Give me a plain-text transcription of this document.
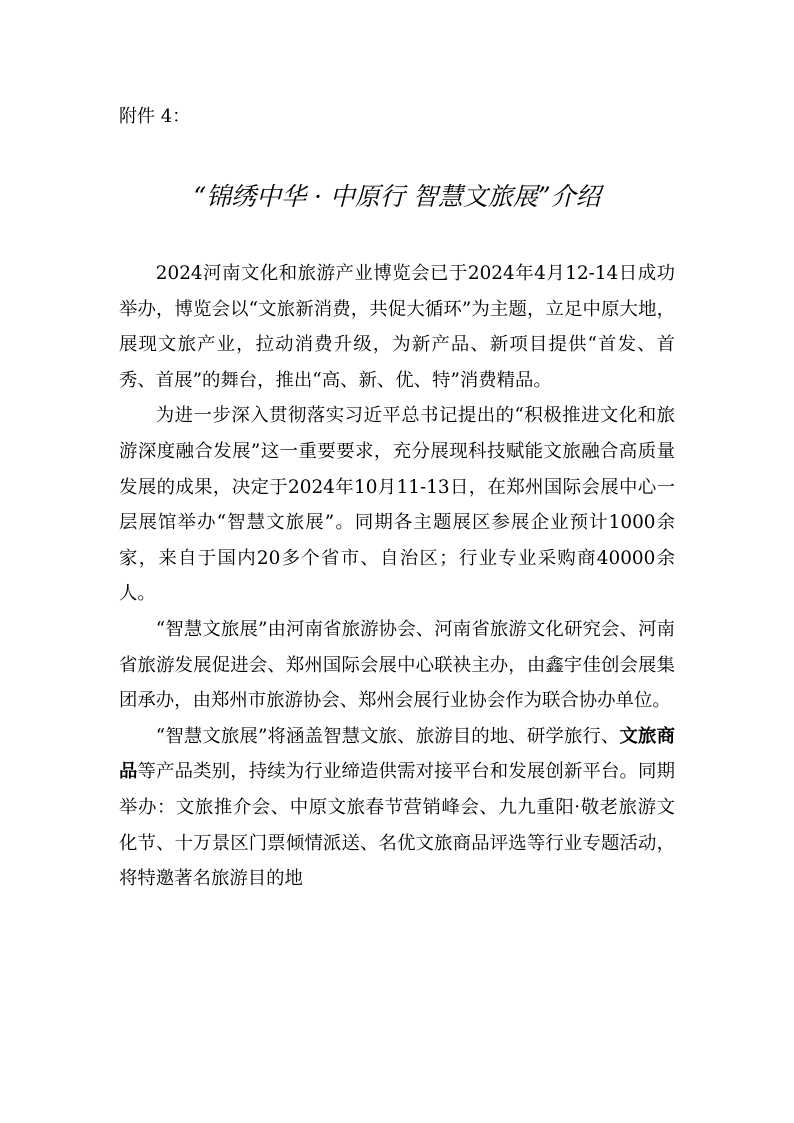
附件 4：
“锦绣中华 · 中原行 智慧文旅展”介绍

2024河南文化和旅游产业博览会已于2024年4月12-14日成功举办，博览会以“文旅新消费，共促大循环”为主题，立足中原大地，展现文旅产业，拉动消费升级，为新产品、新项目提供“首发、首秀、首展”的舞台，推出“高、新、优、特”消费精品。

为进一步深入贯彻落实习近平总书记提出的“积极推进文化和旅游深度融合发展”这一重要要求，充分展现科技赋能文旅融合高质量发展的成果，决定于2024年10月11-13日，在郑州国际会展中心一层展馆举办“智慧文旅展”。同期各主题展区参展企业预计1000余家，来自于国内20多个省市、自治区；行业专业采购商40000余人。

“智慧文旅展”由河南省旅游协会、河南省旅游文化研究会、河南省旅游发展促进会、郑州国际会展中心联袂主办，由鑫宇佳创会展集团承办，由郑州市旅游协会、郑州会展行业协会作为联合协办单位。

“智慧文旅展”将涵盖智慧文旅、旅游目的地、研学旅行、文旅商品等产品类别，持续为行业缔造供需对接平台和发展创新平台。同期举办：文旅推介会、中原文旅春节营销峰会、九九重阳·敬老旅游文化节、十万景区门票倾情派送、名优文旅商品评选等行业专题活动，将特邀著名旅游目的地
